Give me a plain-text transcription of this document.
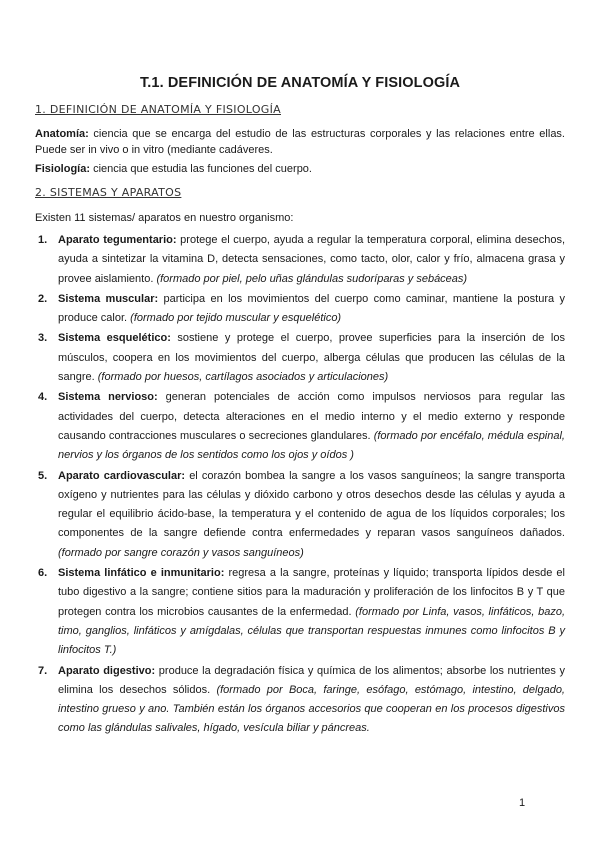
T.1. DEFINICIÓN DE ANATOMÍA Y FISIOLOGÍA
1. DEFINICIÓN DE ANATOMÍA Y FISIOLOGÍA
Anatomía: ciencia que se encarga del estudio de las estructuras corporales y las relaciones entre ellas. Puede ser in vivo o in vitro (mediante cadáveres.
Fisiología: ciencia que estudia las funciones del cuerpo.
2. SISTEMAS Y APARATOS
Existen 11 sistemas/ aparatos en nuestro organismo:
1. Aparato tegumentario: protege el cuerpo, ayuda a regular la temperatura corporal, elimina desechos, ayuda a sintetizar la vitamina D, detecta sensaciones, como tacto, olor, calor y frío, almacena grasa y provee aislamiento. (formado por piel, pelo uñas glándulas sudoríparas y sebáceas)
2. Sistema muscular: participa en los movimientos del cuerpo como caminar, mantiene la postura y produce calor. (formado por tejido muscular y esquelético)
3. Sistema esquelético: sostiene y protege el cuerpo, provee superficies para la inserción de los músculos, coopera en los movimientos del cuerpo, alberga células que producen las células de la sangre. (formado por huesos, cartílagos asociados y articulaciones)
4. Sistema nervioso: generan potenciales de acción como impulsos nerviosos para regular las actividades del cuerpo, detecta alteraciones en el medio interno y el medio externo y responde causando contracciones musculares o secreciones glandulares. (formado por encéfalo, médula espinal, nervios y los órganos de los sentidos como los ojos y oídos )
5. Aparato cardiovascular: el corazón bombea la sangre a los vasos sanguíneos; la sangre transporta oxígeno y nutrientes para las células y dióxido carbono y otros desechos desde las células y ayuda a regular el equilibrio ácido-base, la temperatura y el contenido de agua de los líquidos corporales; los componentes de la sangre defiende contra enfermedades y reparan vasos sanguíneos dañados. (formado por sangre corazón y vasos sanguíneos)
6. Sistema linfático e inmunitario: regresa a la sangre, proteínas y líquido; transporta lípidos desde el tubo digestivo a la sangre; contiene sitios para la maduración y proliferación de los linfocitos B y T que protegen contra los microbios causantes de la enfermedad. (formado por Linfa, vasos, linfáticos, bazo, timo, ganglios, linfáticos y amígdalas, células que transportan respuestas inmunes como linfocitos B y linfocitos T.)
7. Aparato digestivo: produce la degradación física y química de los alimentos; absorbe los nutrientes y elimina los desechos sólidos. (formado por Boca, faringe, esófago, estómago, intestino, delgado, intestino grueso y ano. También están los órganos accesorios que cooperan en los procesos digestivos como las glándulas salivales, hígado, vesícula biliar y páncreas.
1
